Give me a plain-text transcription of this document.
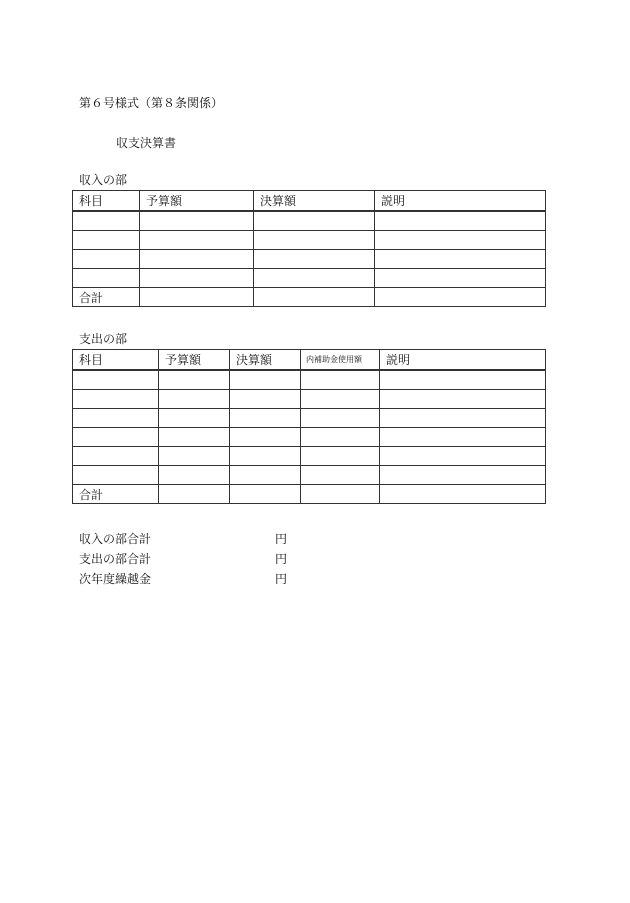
第６号様式（第８条関係）
収支決算書
収入の部
科目	予算額	決算額	説明

合計			
支出の部
科目	予算額	決算額	内補助金使用額	説明

合計				
収入の部合計	円
支出の部合計	円
次年度繰越金	円
